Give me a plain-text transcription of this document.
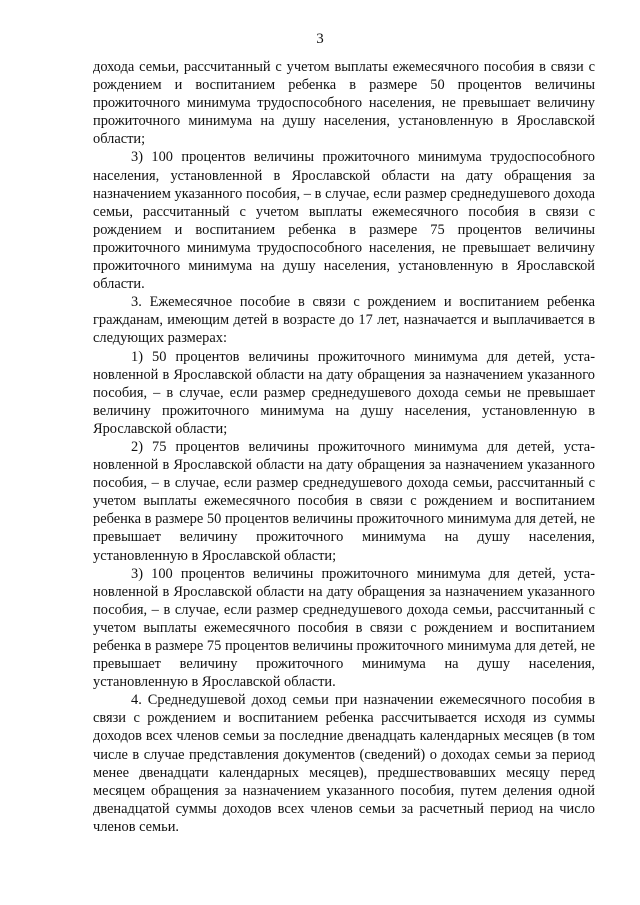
3

дохода семьи, рассчитанный с учетом выплаты ежемесячного пособия в связи с рождением и воспитанием ребенка в размере 50 процентов величины прожиточного минимума трудоспособного населения, не превышает величину прожиточного минимума на душу населения, установленную в Ярославской области;

3) 100 процентов величины прожиточного минимума трудоспособного населения, установленной в Ярославской области на дату обращения за назначением указанного пособия, – в случае, если размер среднедушевого дохода семьи, рассчитанный с учетом выплаты ежемесячного пособия в связи с рождением и воспитанием ребенка в размере 75 процентов величины прожиточного минимума трудоспособного населения, не превышает величину прожиточного минимума на душу населения, установленную в Ярославской области.

3. Ежемесячное пособие в связи с рождением и воспитанием ребенка гражданам, имеющим детей в возрасте до 17 лет, назначается и выплачивается в следующих размерах:

1) 50 процентов величины прожиточного минимума для детей, установленной в Ярославской области на дату обращения за назначением указанного пособия, – в случае, если размер среднедушевого дохода семьи не превышает величину прожиточного минимума на душу населения, установленную в Ярославской области;

2) 75 процентов величины прожиточного минимума для детей, установленной в Ярославской области на дату обращения за назначением указанного пособия, – в случае, если размер среднедушевого дохода семьи, рассчитанный с учетом выплаты ежемесячного пособия в связи с рождением и воспитанием ребенка в размере 50 процентов величины прожиточного минимума для детей, не превышает величину прожиточного минимума на душу населения, установленную в Ярославской области;

3) 100 процентов величины прожиточного минимума для детей, установленной в Ярославской области на дату обращения за назначением указанного пособия, – в случае, если размер среднедушевого дохода семьи, рассчитанный с учетом выплаты ежемесячного пособия в связи с рождением и воспитанием ребенка в размере 75 процентов величины прожиточного минимума для детей, не превышает величину прожиточного минимума на душу населения, установленную в Ярославской области.

4. Среднедушевой доход семьи при назначении ежемесячного пособия в связи с рождением и воспитанием ребенка рассчитывается исходя из суммы доходов всех членов семьи за последние двенадцать календарных месяцев (в том числе в случае представления документов (сведений) о доходах семьи за период менее двенадцати календарных месяцев), предшествовавших месяцу перед месяцем обращения за назначением указанного пособия, путем деления одной двенадцатой суммы доходов всех членов семьи за расчетный период на число членов семьи.
